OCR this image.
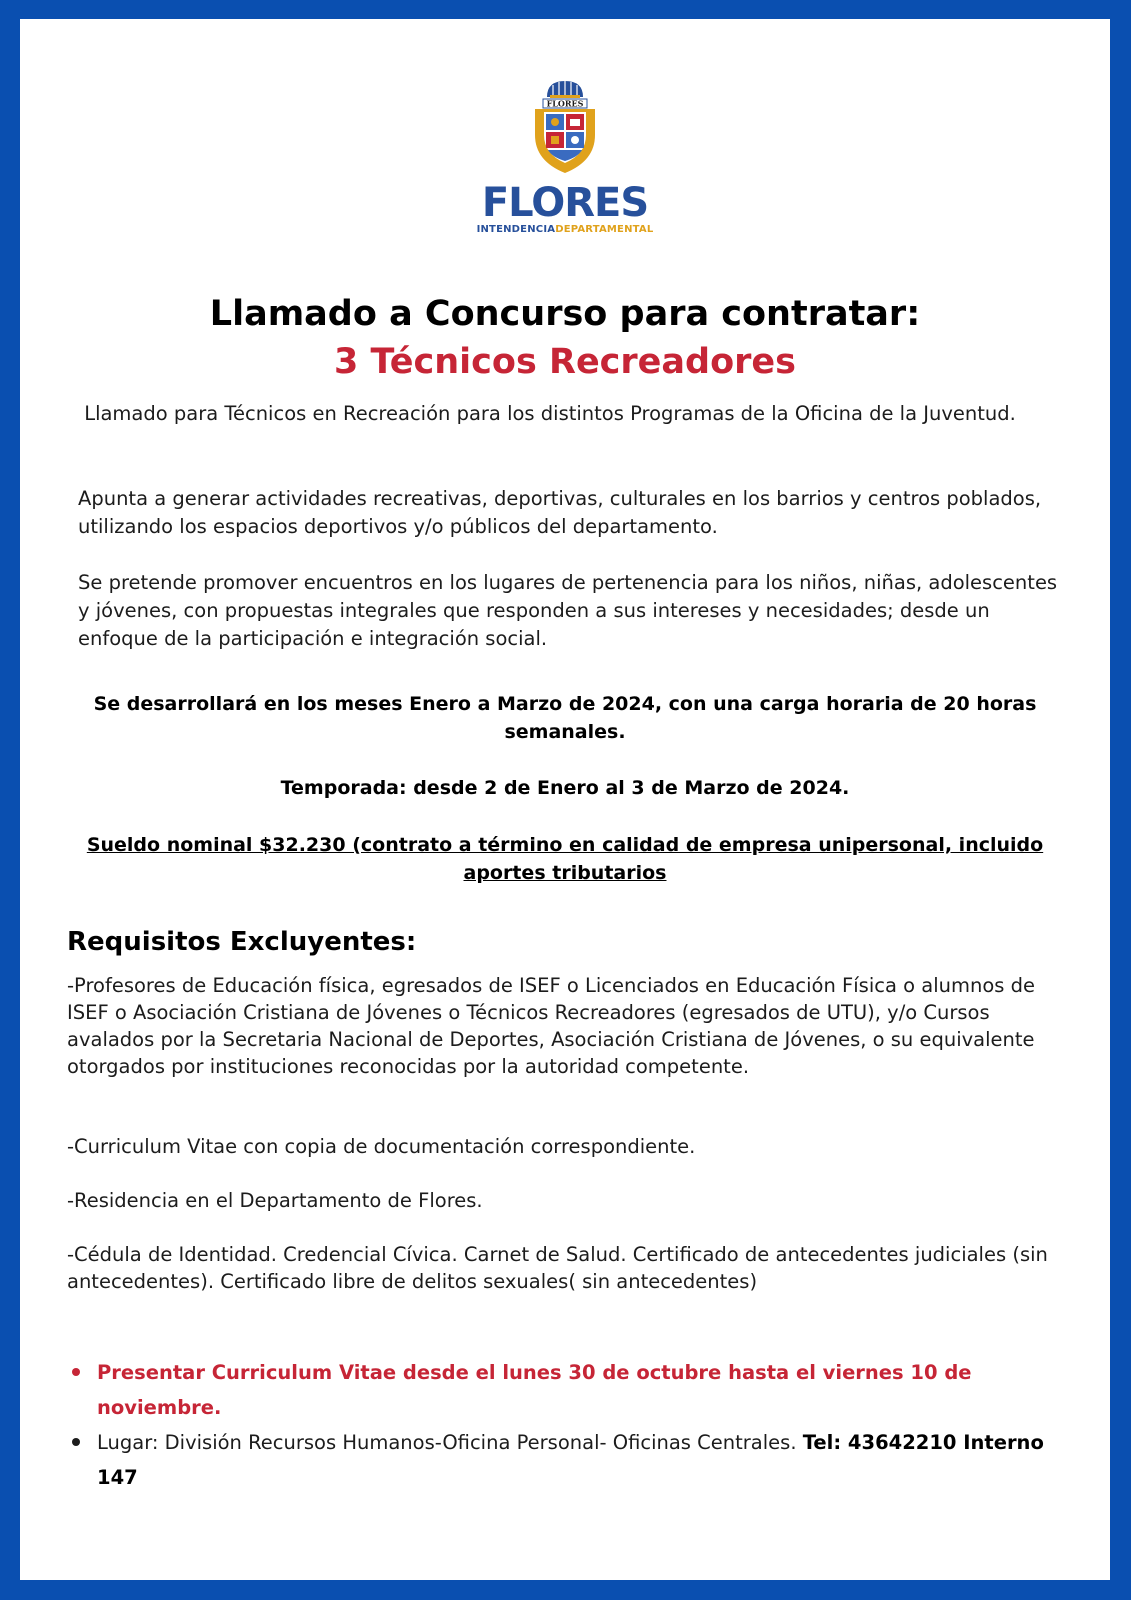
FLORES
FLORES
INTENDENCIADEPARTAMENTAL
Llamado a Concurso para contratar:
3 Técnicos Recreadores

Llamado para Técnicos en Recreación para los distintos Programas de la Oficina de la Juventud.

Apunta a generar actividades recreativas, deportivas, culturales en los barrios y centros poblados, utilizando los espacios deportivos y/o públicos del departamento.

Se pretende promover encuentros en los lugares de pertenencia para los niños, niñas, adolescentes y jóvenes, con propuestas integrales que responden a sus intereses y necesidades; desde un enfoque de la participación e integración social.

Se desarrollará en los meses Enero a Marzo de 2024, con una carga horaria de 20 horas semanales.

Temporada: desde 2 de Enero al 3 de Marzo de 2024.

Sueldo nominal $32.230 (contrato a término en calidad de empresa unipersonal, incluido aportes tributarios

Requisitos Excluyentes:

-Profesores de Educación física, egresados de ISEF o Licenciados en Educación Física o alumnos de ISEF o Asociación Cristiana de Jóvenes o Técnicos Recreadores (egresados de UTU), y/o Cursos avalados por la Secretaria Nacional de Deportes, Asociación Cristiana de Jóvenes, o su equivalente otorgados por instituciones reconocidas por la autoridad competente.

-Curriculum Vitae con copia de documentación correspondiente.

-Residencia en el Departamento de Flores.

-Cédula de Identidad. Credencial Cívica. Carnet de Salud. Certificado de antecedentes judiciales (sin antecedentes). Certificado libre de delitos sexuales( sin antecedentes)

Presentar Curriculum Vitae desde el lunes 30 de octubre hasta el viernes 10 de noviembre.
Lugar: División Recursos Humanos-Oficina Personal- Oficinas Centrales. Tel: 43642210 Interno 147
